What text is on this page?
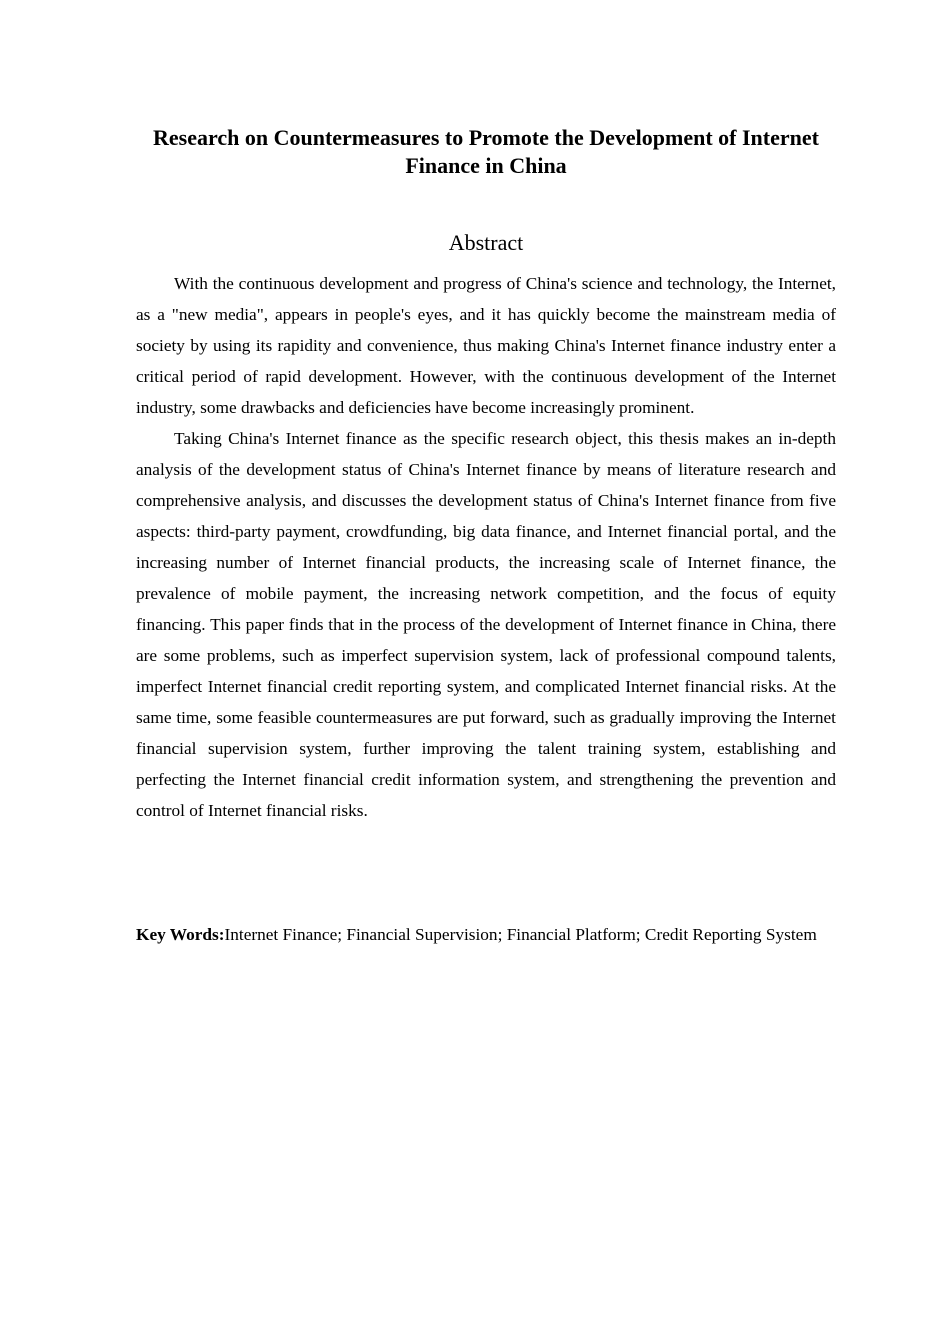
Research on Countermeasures to Promote the Development of Internet Finance in China
Abstract

With the continuous development and progress of China's science and technology, the Internet, as a "new media", appears in people's eyes, and it has quickly become the mainstream media of society by using its rapidity and convenience, thus making China's Internet finance industry enter a critical period of rapid development. However, with the continuous development of the Internet industry, some drawbacks and deficiencies have become increasingly prominent.

Taking China's Internet finance as the specific research object, this thesis makes an in-depth analysis of the development status of China's Internet finance by means of literature research and comprehensive analysis, and discusses the development status of China's Internet finance from five aspects: third-party payment, crowdfunding, big data finance, and Internet financial portal, and the increasing number of Internet financial products, the increasing scale of Internet finance, the prevalence of mobile payment, the increasing network competition, and the focus of equity financing. This paper finds that in the process of the development of Internet finance in China, there are some problems, such as imperfect supervision system, lack of professional compound talents, imperfect Internet financial credit reporting system, and complicated Internet financial risks. At the same time, some feasible countermeasures are put forward, such as gradually improving the Internet financial supervision system, further improving the talent training system, establishing and perfecting the Internet financial credit information system, and strengthening the prevention and control of Internet financial risks.

Key Words:Internet Finance; Financial Supervision; Financial Platform; Credit Reporting System
